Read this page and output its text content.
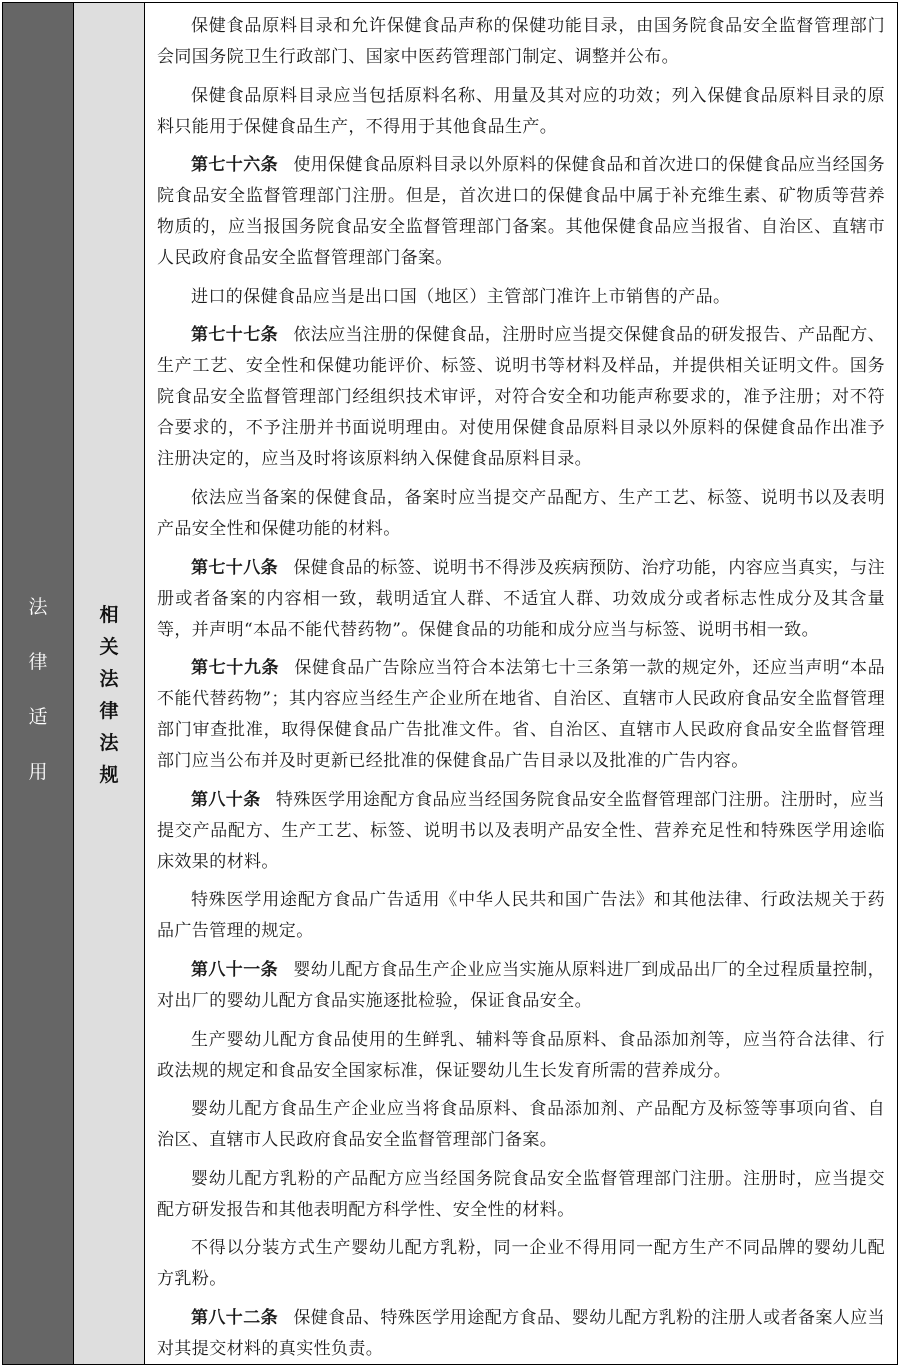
法律适用
相关法律法规

保健食品原料目录和允许保健食品声称的保健功能目录，由国务院食品安全监督管理部门会同国务院卫生行政部门、国家中医药管理部门制定、调整并公布。

保健食品原料目录应当包括原料名称、用量及其对应的功效；列入保健食品原料目录的原料只能用于保健食品生产，不得用于其他食品生产。

第七十六条 使用保健食品原料目录以外原料的保健食品和首次进口的保健食品应当经国务院食品安全监督管理部门注册。但是，首次进口的保健食品中属于补充维生素、矿物质等营养物质的，应当报国务院食品安全监督管理部门备案。其他保健食品应当报省、自治区、直辖市人民政府食品安全监督管理部门备案。

进口的保健食品应当是出口国（地区）主管部门准许上市销售的产品。

第七十七条 依法应当注册的保健食品，注册时应当提交保健食品的研发报告、产品配方、生产工艺、安全性和保健功能评价、标签、说明书等材料及样品，并提供相关证明文件。国务院食品安全监督管理部门经组织技术审评，对符合安全和功能声称要求的，准予注册；对不符合要求的，不予注册并书面说明理由。对使用保健食品原料目录以外原料的保健食品作出准予注册决定的，应当及时将该原料纳入保健食品原料目录。

依法应当备案的保健食品，备案时应当提交产品配方、生产工艺、标签、说明书以及表明产品安全性和保健功能的材料。

第七十八条 保健食品的标签、说明书不得涉及疾病预防、治疗功能，内容应当真实，与注册或者备案的内容相一致，载明适宜人群、不适宜人群、功效成分或者标志性成分及其含量等，并声明“本品不能代替药物”。保健食品的功能和成分应当与标签、说明书相一致。

第七十九条 保健食品广告除应当符合本法第七十三条第一款的规定外，还应当声明“本品不能代替药物”；其内容应当经生产企业所在地省、自治区、直辖市人民政府食品安全监督管理部门审查批准，取得保健食品广告批准文件。省、自治区、直辖市人民政府食品安全监督管理部门应当公布并及时更新已经批准的保健食品广告目录以及批准的广告内容。

第八十条 特殊医学用途配方食品应当经国务院食品安全监督管理部门注册。注册时，应当提交产品配方、生产工艺、标签、说明书以及表明产品安全性、营养充足性和特殊医学用途临床效果的材料。

特殊医学用途配方食品广告适用《中华人民共和国广告法》和其他法律、行政法规关于药品广告管理的规定。

第八十一条 婴幼儿配方食品生产企业应当实施从原料进厂到成品出厂的全过程质量控制，对出厂的婴幼儿配方食品实施逐批检验，保证食品安全。

生产婴幼儿配方食品使用的生鲜乳、辅料等食品原料、食品添加剂等，应当符合法律、行政法规的规定和食品安全国家标准，保证婴幼儿生长发育所需的营养成分。

婴幼儿配方食品生产企业应当将食品原料、食品添加剂、产品配方及标签等事项向省、自治区、直辖市人民政府食品安全监督管理部门备案。

婴幼儿配方乳粉的产品配方应当经国务院食品安全监督管理部门注册。注册时，应当提交配方研发报告和其他表明配方科学性、安全性的材料。

不得以分装方式生产婴幼儿配方乳粉，同一企业不得用同一配方生产不同品牌的婴幼儿配方乳粉。

第八十二条 保健食品、特殊医学用途配方食品、婴幼儿配方乳粉的注册人或者备案人应当对其提交材料的真实性负责。
